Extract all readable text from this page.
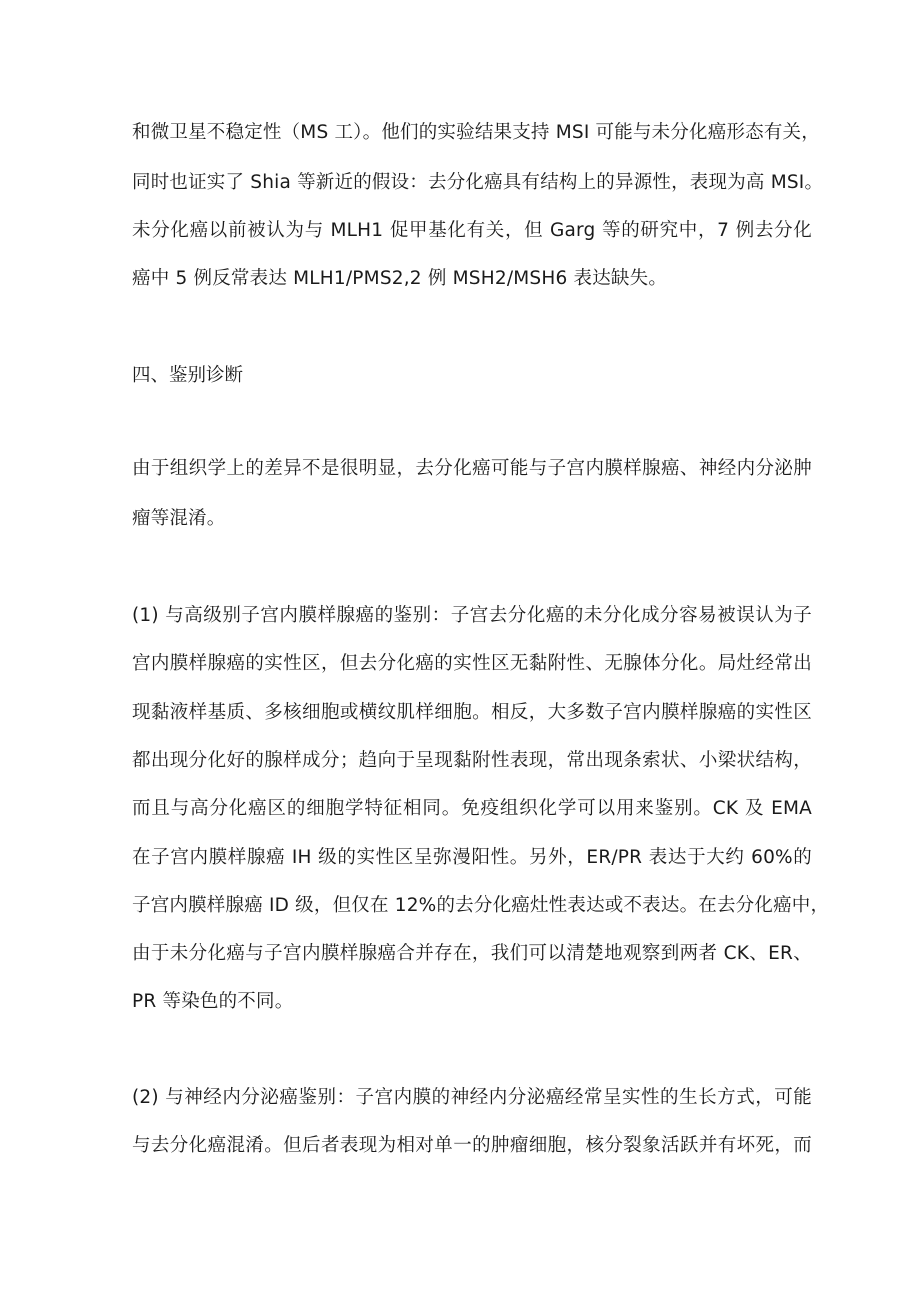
和微卫星不稳定性（MS 工）。他们的实验结果支持 MSI 可能与未分化癌形态有关，
同时也证实了 Shia 等新近的假设：去分化癌具有结构上的异源性，表现为高 MSI。
未分化癌以前被认为与 MLH1 促甲基化有关，但 Garg 等的研究中，7 例去分化
癌中 5 例反常表达 MLH1/PMS2,2 例 MSH2/MSH6 表达缺失。
四、鉴别诊断
由于组织学上的差异不是很明显，去分化癌可能与子宫内膜样腺癌、神经内分泌肿
瘤等混淆。
(1) 与高级别子宫内膜样腺癌的鉴别：子宫去分化癌的未分化成分容易被误认为子
宫内膜样腺癌的实性区，但去分化癌的实性区无黏附性、无腺体分化。局灶经常出
现黏液样基质、多核细胞或横纹肌样细胞。相反，大多数子宫内膜样腺癌的实性区
都出现分化好的腺样成分；趋向于呈现黏附性表现，常出现条索状、小梁状结构，
而且与高分化癌区的细胞学特征相同。免疫组织化学可以用来鉴别。CK 及 EMA
在子宫内膜样腺癌 IH 级的实性区呈弥漫阳性。另外，ER/PR 表达于大约 60%的
子宫内膜样腺癌 ID 级，但仅在 12%的去分化癌灶性表达或不表达。在去分化癌中，
由于未分化癌与子宫内膜样腺癌合并存在，我们可以清楚地观察到两者 CK、ER、
PR 等染色的不同。
(2) 与神经内分泌癌鉴别：子宫内膜的神经内分泌癌经常呈实性的生长方式，可能
与去分化癌混淆。但后者表现为相对单一的肿瘤细胞，核分裂象活跃并有坏死，而
